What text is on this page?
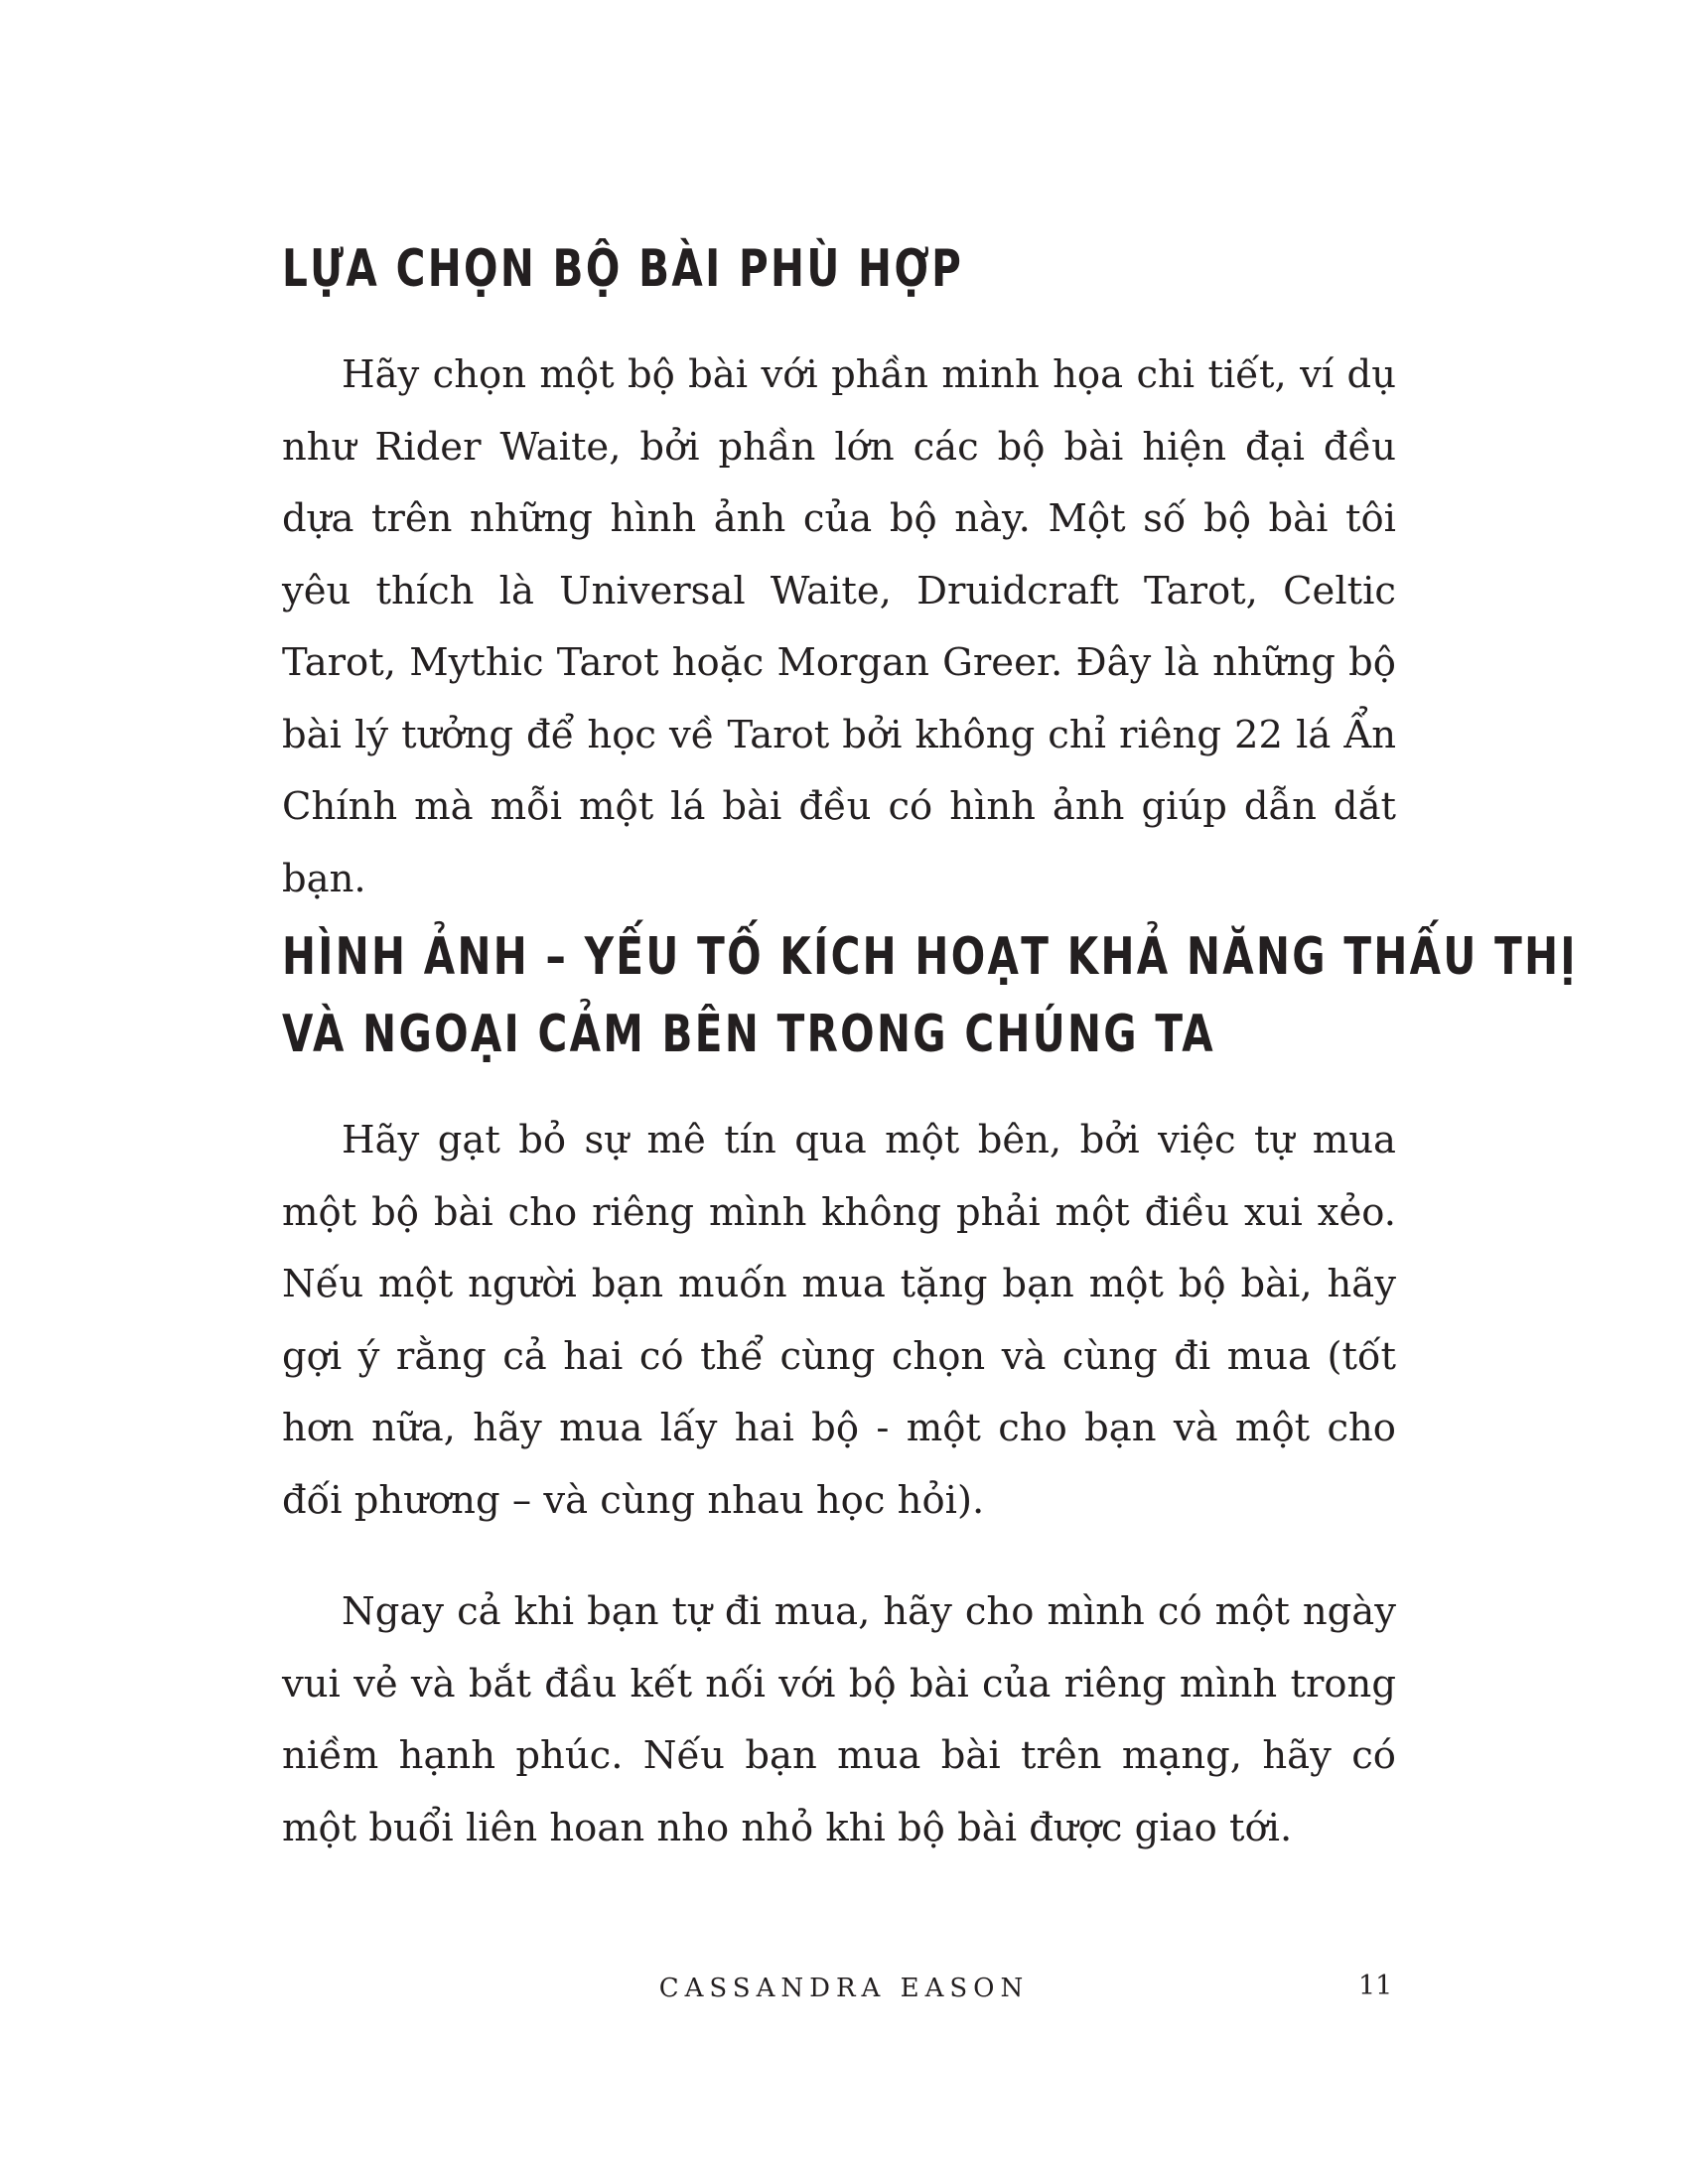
LỰA CHỌN BỘ BÀI PHÙ HỢP

Hãy chọn một bộ bài với phần minh họa chi tiết, ví dụ như Rider Waite, bởi phần lớn các bộ bài hiện đại đều dựa trên những hình ảnh của bộ này. Một số bộ bài tôi yêu thích là Universal Waite, Druidcraft Tarot, Celtic Tarot, Mythic Tarot hoặc Morgan Greer. Đây là những bộ bài lý tưởng để học về Tarot bởi không chỉ riêng 22 lá Ẩn Chính mà mỗi một lá bài đều có hình ảnh giúp dẫn dắt bạn.

HÌNH ẢNH – YẾU TỐ KÍCH HOẠT KHẢ NĂNG THẤU THỊ
VÀ NGOẠI CẢM BÊN TRONG CHÚNG TA

Hãy gạt bỏ sự mê tín qua một bên, bởi việc tự mua một bộ bài cho riêng mình không phải một điều xui xẻo. Nếu một người bạn muốn mua tặng bạn một bộ bài, hãy gợi ý rằng cả hai có thể cùng chọn và cùng đi mua (tốt hơn nữa, hãy mua lấy hai bộ - một cho bạn và một cho đối phương – và cùng nhau học hỏi).

Ngay cả khi bạn tự đi mua, hãy cho mình có một ngày vui vẻ và bắt đầu kết nối với bộ bài của riêng mình trong niềm hạnh phúc. Nếu bạn mua bài trên mạng, hãy có một buổi liên hoan nho nhỏ khi bộ bài được giao tới.

CASSANDRA EASON	11
